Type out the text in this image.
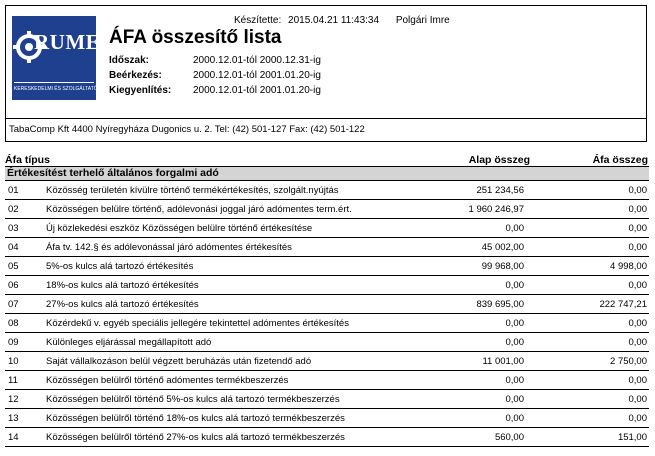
RUMED
KERESKEDELMI ÉS SZOLGÁLTATÓ KFT
Készítette: 2015.04.21 11:43:34 Polgári Imre
ÁFA összesítő lista
Időszak:	2000.12.01-tól 2000.12.31-ig
Beérkezés:	2000.12.01-tól 2001.01.20-ig
Kiegyenlítés: 2000.12.01-tól 2001.01.20-ig
TabaComp Kft 4400 Nyíregyháza Dugonics u. 2. Tel: (42) 501-127 Fax: (42) 501-122
Áfa típus	Alap összeg	Áfa összeg
Értékesítést terhelő általános forgalmi adó
01	Közösség területén kívülre történő termékértékesítés, szolgált.nyújtás	251 234,56	0,00
02	Közösségen belülre történő, adólevonási joggal járó adómentes term.ért.	1 960 246,97	0,00
03	Új közlekedési eszköz Közösségen belülre történő értékesítése	0,00	0,00
04	Áfa tv. 142.§ és adólevonással járó adómentes értékesítés	45 002,00	0,00
05	5%-os kulcs alá tartozó értékesítés	99 968,00	4 998,00
06	18%-os kulcs alá tartozó értékesítés	0,00	0,00
07	27%-os kulcs alá tartozó értékesítés	839 695,00	222 747,21
08	Közérdekű v. egyéb speciális jellegére tekintettel adómentes értékesítés	0,00	0,00
09	Különleges eljárással megállapított adó	0,00	0,00
10	Saját vállalkozáson belül végzett beruházás után fizetendő adó	11 001,00	2 750,00
11	Közösségen belülről történő adómentes termékbeszerzés	0,00	0,00
12	Közösségen belülről történő 5%-os kulcs alá tartozó termékbeszerzés	0,00	0,00
13	Közösségen belülről történő 18%-os kulcs alá tartozó termékbeszerzés	0,00	0,00
14	Közösségen belülről történő 27%-os kulcs alá tartozó termékbeszerzés	560,00	151,00
